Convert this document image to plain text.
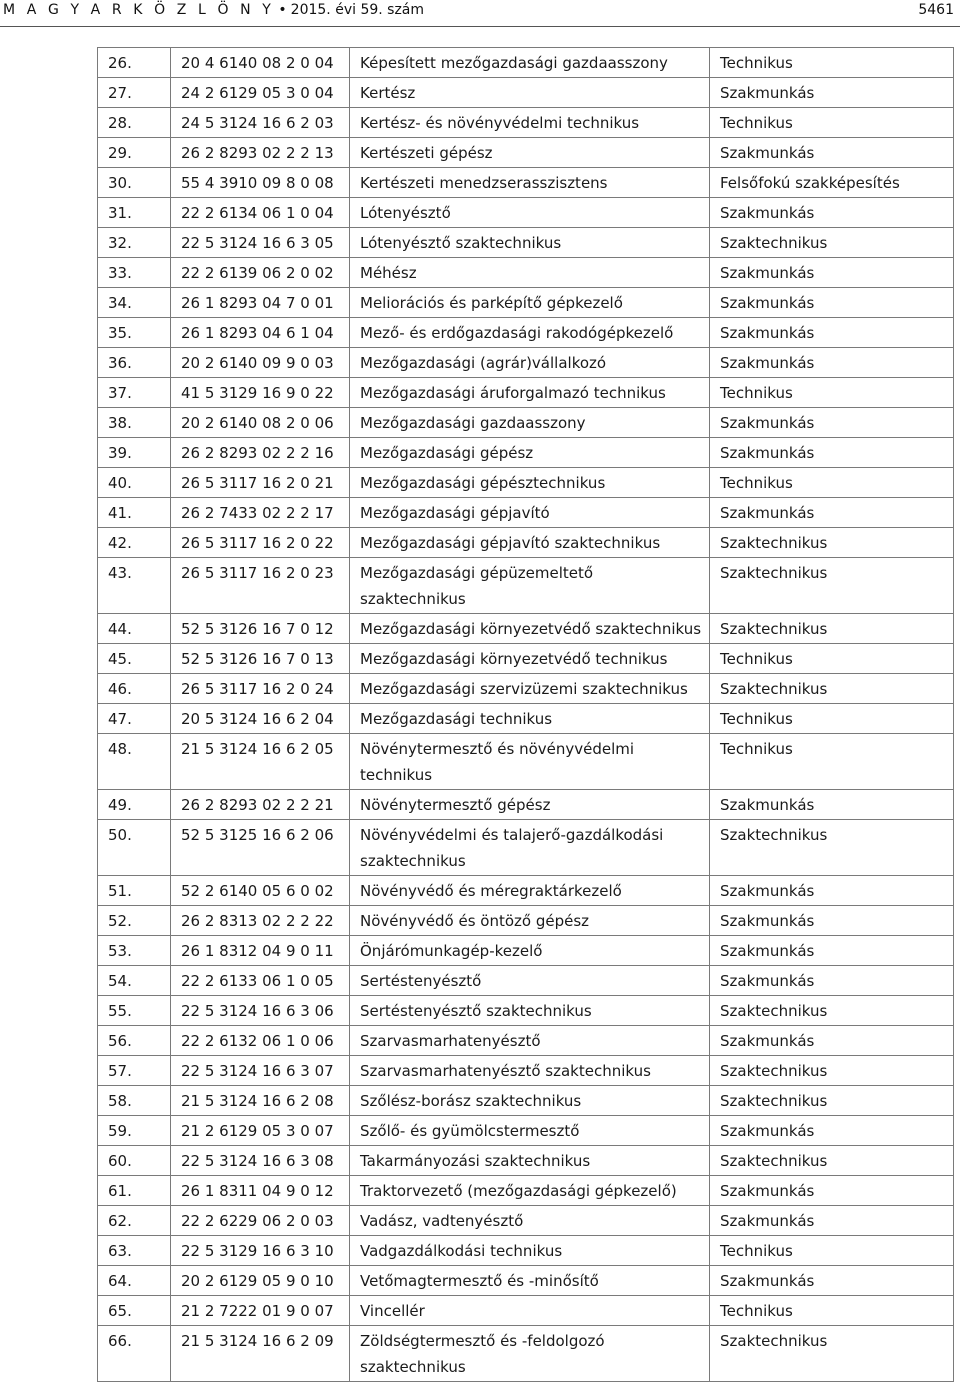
M A G Y A R K Ö Z L Ö N Y • 2015. évi 59. szám	5461
26.	20 4 6140 08 2 0 04	Képesített mezőgazdasági gazdaasszony	Technikus
27.	24 2 6129 05 3 0 04	Kertész	Szakmunkás
28.	24 5 3124 16 6 2 03	Kertész- és növényvédelmi technikus	Technikus
29.	26 2 8293 02 2 2 13	Kertészeti gépész	Szakmunkás
30.	55 4 3910 09 8 0 08	Kertészeti menedzserasszisztens	Felsőfokú szakképesítés
31.	22 2 6134 06 1 0 04	Lótenyésztő	Szakmunkás
32.	22 5 3124 16 6 3 05	Lótenyésztő szaktechnikus	Szaktechnikus
33.	22 2 6139 06 2 0 02	Méhész	Szakmunkás
34.	26 1 8293 04 7 0 01	Meliorációs és parképítő gépkezelő	Szakmunkás
35.	26 1 8293 04 6 1 04	Mező- és erdőgazdasági rakodógépkezelő	Szakmunkás
36.	20 2 6140 09 9 0 03	Mezőgazdasági (agrár)vállalkozó	Szakmunkás
37.	41 5 3129 16 9 0 22	Mezőgazdasági áruforgalmazó technikus	Technikus
38.	20 2 6140 08 2 0 06	Mezőgazdasági gazdaasszony	Szakmunkás
39.	26 2 8293 02 2 2 16	Mezőgazdasági gépész	Szakmunkás
40.	26 5 3117 16 2 0 21	Mezőgazdasági gépésztechnikus	Technikus
41.	26 2 7433 02 2 2 17	Mezőgazdasági gépjavító	Szakmunkás
42.	26 5 3117 16 2 0 22	Mezőgazdasági gépjavító szaktechnikus	Szaktechnikus
43.	26 5 3117 16 2 0 23	Mezőgazdasági gépüzemeltető szaktechnikus	Szaktechnikus
44.	52 5 3126 16 7 0 12	Mezőgazdasági környezetvédő szaktechnikus	Szaktechnikus
45.	52 5 3126 16 7 0 13	Mezőgazdasági környezetvédő technikus	Technikus
46.	26 5 3117 16 2 0 24	Mezőgazdasági szervizüzemi szaktechnikus	Szaktechnikus
47.	20 5 3124 16 6 2 04	Mezőgazdasági technikus	Technikus
48.	21 5 3124 16 6 2 05	Növénytermesztő és növényvédelmi technikus	Technikus
49.	26 2 8293 02 2 2 21	Növénytermesztő gépész	Szakmunkás
50.	52 5 3125 16 6 2 06	Növényvédelmi és talajerő-gazdálkodási szaktechnikus	Szaktechnikus
51.	52 2 6140 05 6 0 02	Növényvédő és méregraktárkezelő	Szakmunkás
52.	26 2 8313 02 2 2 22	Növényvédő és öntöző gépész	Szakmunkás
53.	26 1 8312 04 9 0 11	Önjárómunkagép-kezelő	Szakmunkás
54.	22 2 6133 06 1 0 05	Sertéstenyésztő	Szakmunkás
55.	22 5 3124 16 6 3 06	Sertéstenyésztő szaktechnikus	Szaktechnikus
56.	22 2 6132 06 1 0 06	Szarvasmarhatenyésztő	Szakmunkás
57.	22 5 3124 16 6 3 07	Szarvasmarhatenyésztő szaktechnikus	Szaktechnikus
58.	21 5 3124 16 6 2 08	Szőlész-borász szaktechnikus	Szaktechnikus
59.	21 2 6129 05 3 0 07	Szőlő- és gyümölcstermesztő	Szakmunkás
60.	22 5 3124 16 6 3 08	Takarmányozási szaktechnikus	Szaktechnikus
61.	26 1 8311 04 9 0 12	Traktorvezető (mezőgazdasági gépkezelő)	Szakmunkás
62.	22 2 6229 06 2 0 03	Vadász, vadtenyésztő	Szakmunkás
63.	22 5 3129 16 6 3 10	Vadgazdálkodási technikus	Technikus
64.	20 2 6129 05 9 0 10	Vetőmagtermesztő és -minősítő	Szakmunkás
65.	21 2 7222 01 9 0 07	Vincellér	Technikus
66.	21 5 3124 16 6 2 09	Zöldségtermesztő és -feldolgozó szaktechnikus	Szaktechnikus
